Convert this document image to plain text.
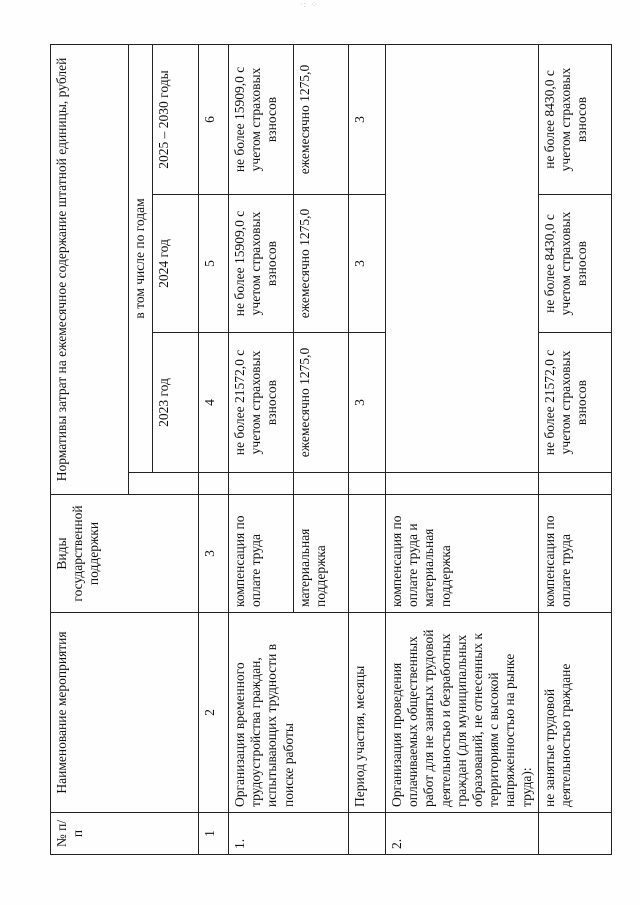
·: ⁘
№ п/п	Наименование мероприятия	Виды государственной поддержки	Нормативы затрат на ежемесячное содержание штатной единицы, рублей			
				в том числе по годам		
				2023 год	2024 год	2025 – 2030 годы
1	2	3		4	5	6
1.	Организация временного трудоустройства граждан, испытывающих трудности в поиске работы	компенсация по оплате труда		не более 21572,0 с учетом страховых взносов	не более 15909,0 с учетом страховых взносов	не более 15909,0 с учетом страховых взносов
		материальная поддержка		ежемесячно 1275,0	ежемесячно 1275,0	ежемесячно 1275,0
	Период участия, месяцы			3	3	3
2.	Организация проведения оплачиваемых общественных работ для не занятых трудовой деятельностью и безработных граждан (для муниципальных образований, не отнесенных к территориям с высокой напряженностью на рынке труда):	компенсация по оплате труда и материальная поддержка				
	не занятые трудовой деятельностью граждане	компенсация по оплате труда		не более 21572,0 с учетом страховых взносов	не более 8430,0 с учетом страховых взносов	не более 8430,0 с учетом страховых взносов
